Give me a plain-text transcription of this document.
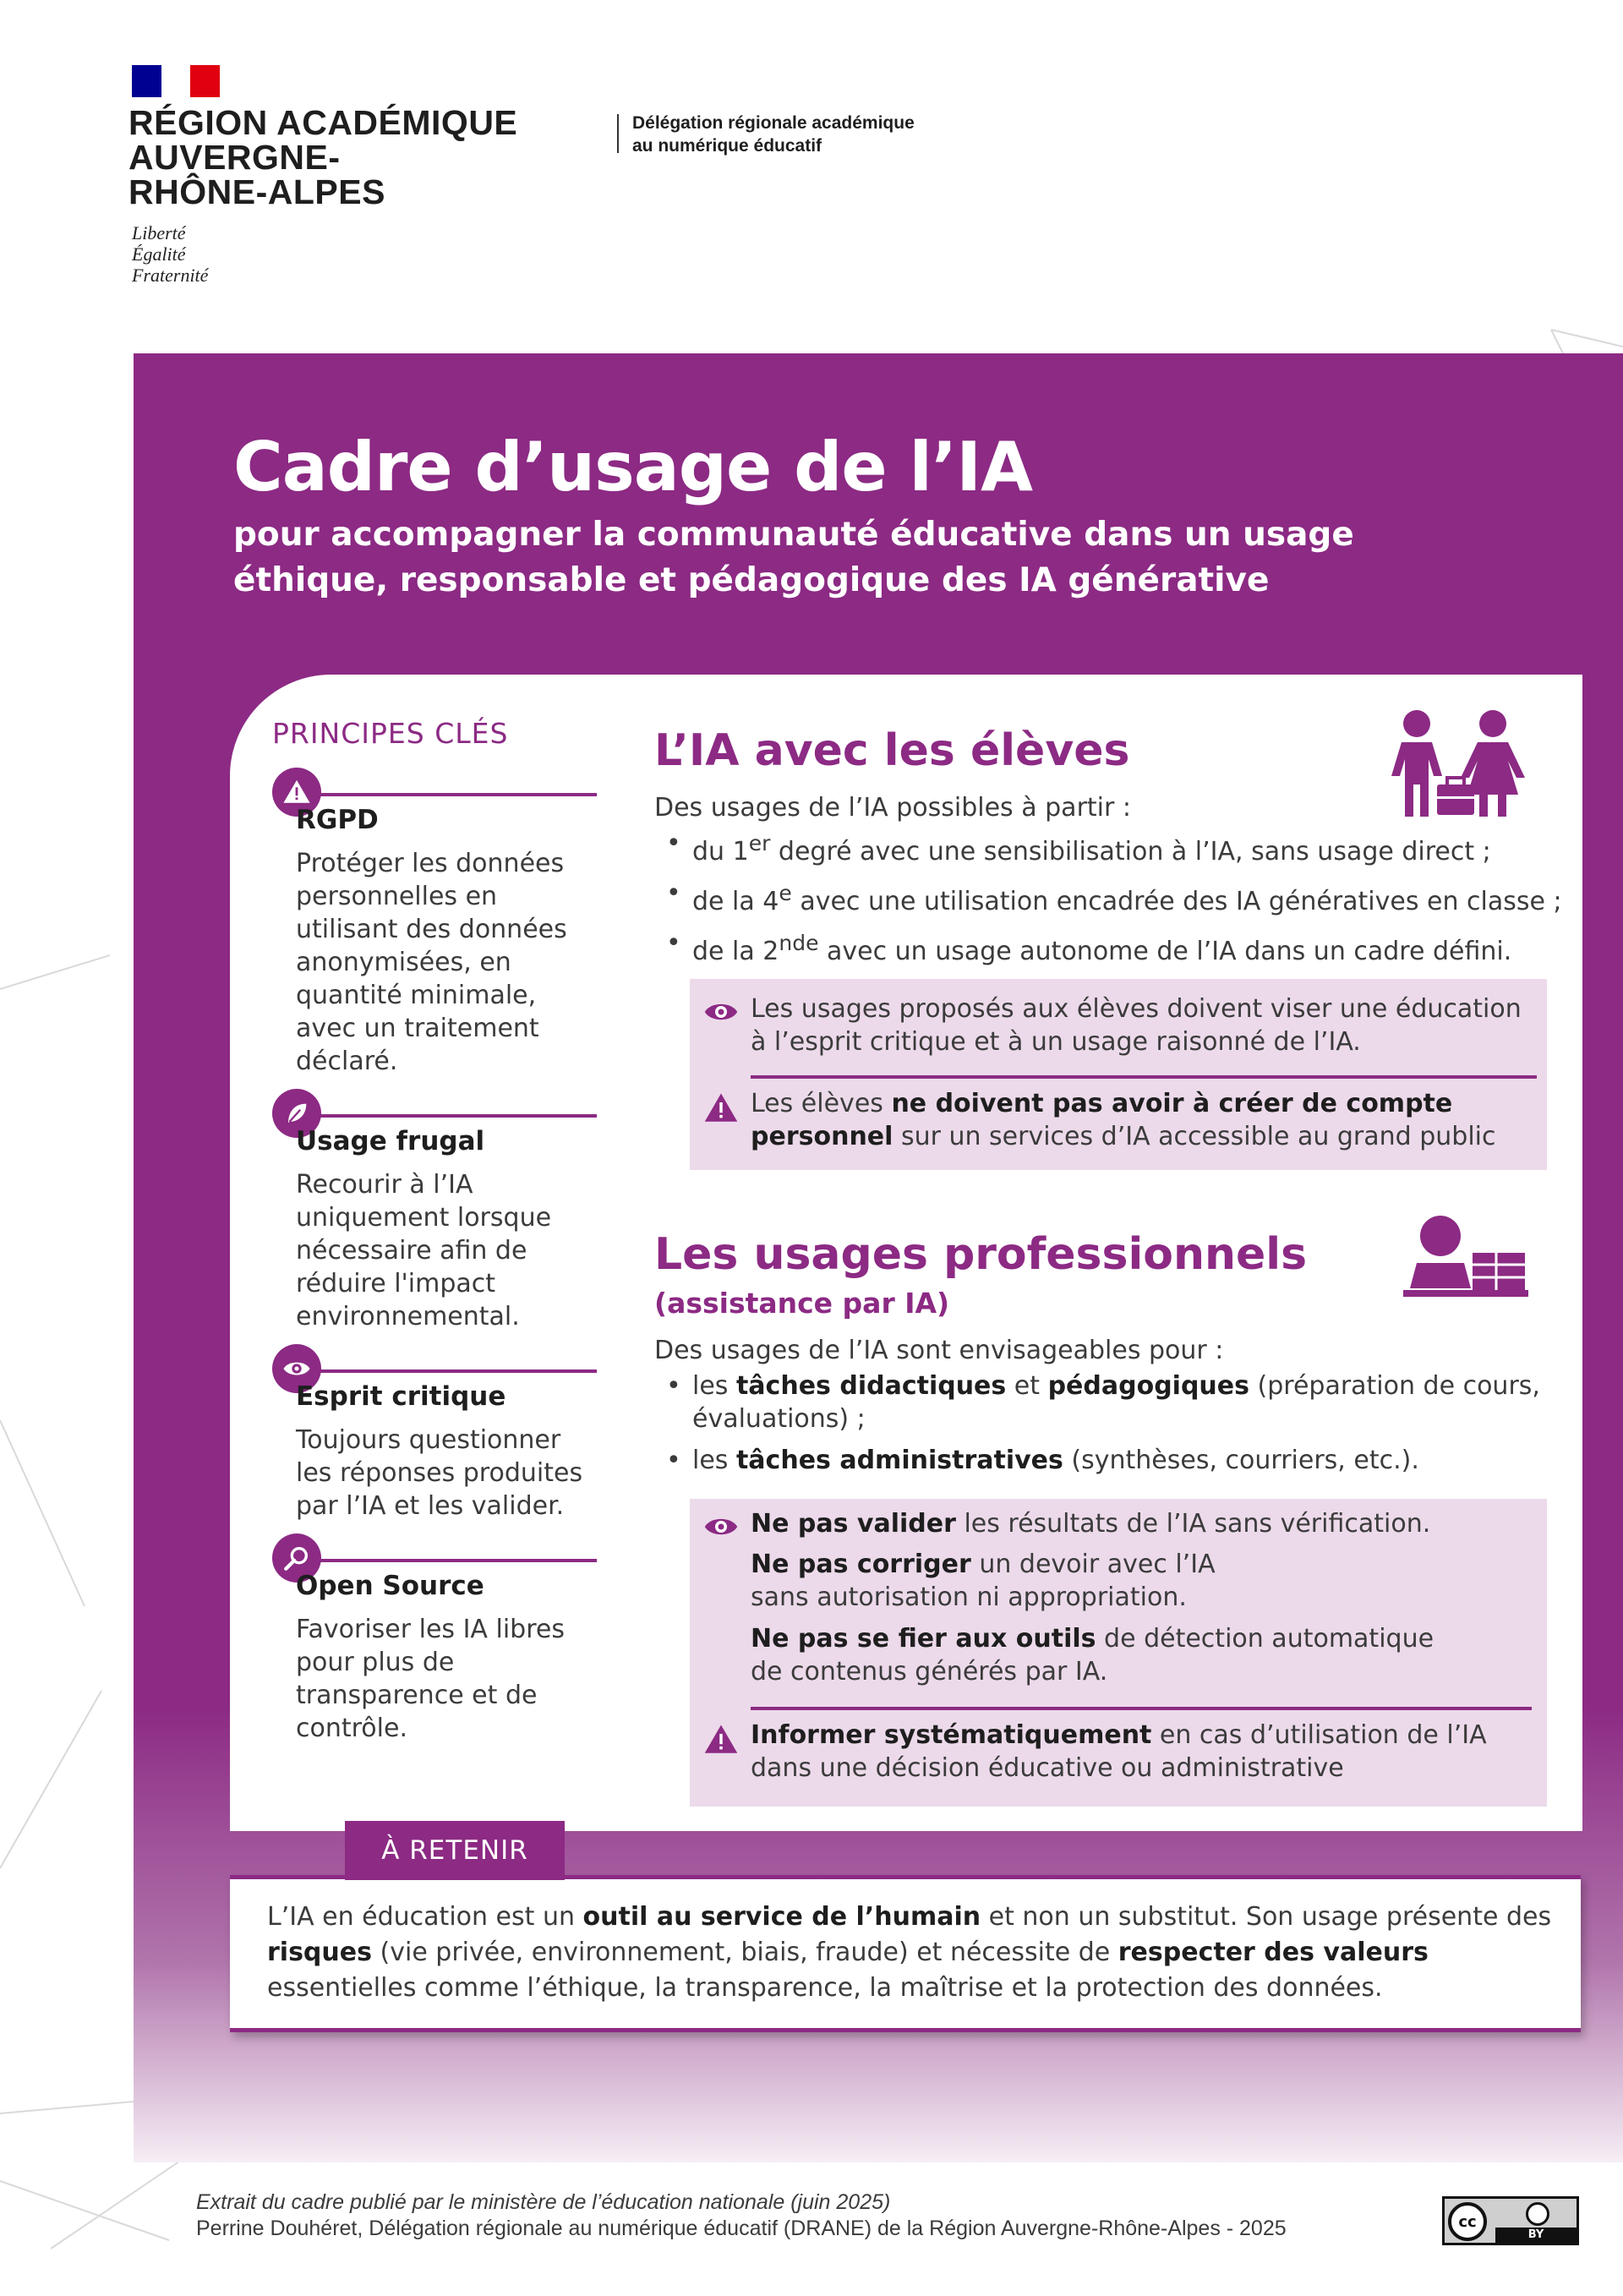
RÉGION ACADÉMIQUE
AUVERGNE-
RHÔNE-ALPES
Liberté
Égalité
Fraternité
Délégation régionale académique
au numérique éducatif
Cadre d’usage de l’IA
pour accompagner la communauté éducative dans un usage éthique, responsable et pédagogique des IA générative
PRINCIPES CLÉS
RGPD
Protéger les données personnelles en utilisant des données anonymisées, en quantité minimale, avec un traitement déclaré.
Usage frugal
Recourir à l’IA uniquement lorsque nécessaire afin de réduire l'impact environnemental.
Esprit critique
Toujours questionner les réponses produites par l’IA et les valider.
Open Source
Favoriser les IA libres pour plus de transparence et de contrôle.
L’IA avec les élèves
Des usages de l’IA possibles à partir :
• du 1er degré avec une sensibilisation à l’IA, sans usage direct ;
• de la 4e avec une utilisation encadrée des IA génératives en classe ;
• de la 2nde avec un usage autonome de l’IA dans un cadre défini.
Les usages proposés aux élèves doivent viser une éducation à l’esprit critique et à un usage raisonné de l’IA.
Les élèves ne doivent pas avoir à créer de compte personnel sur un services d’IA accessible au grand public
Les usages professionnels
(assistance par IA)
Des usages de l’IA sont envisageables pour :
• les tâches didactiques et pédagogiques (préparation de cours, évaluations) ;
• les tâches administratives (synthèses, courriers, etc.).
Ne pas valider les résultats de l’IA sans vérification.
Ne pas corriger un devoir avec l’IA sans autorisation ni appropriation.
Ne pas se fier aux outils de détection automatique de contenus générés par IA.
Informer systématiquement en cas d’utilisation de l’IA dans une décision éducative ou administrative
L’IA en éducation est un outil au service de l’humain et non un substitut. Son usage présente des risques (vie privée, environnement, biais, fraude) et nécessite de respecter des valeurs essentielles comme l’éthique, la transparence, la maîtrise et la protection des données.
À RETENIR
Extrait du cadre publié par le ministère de l’éducation nationale (juin 2025)
Perrine Douhéret, Délégation régionale au numérique éducatif (DRANE) de la Région Auvergne-Rhône-Alpes - 2025	cc
BY
